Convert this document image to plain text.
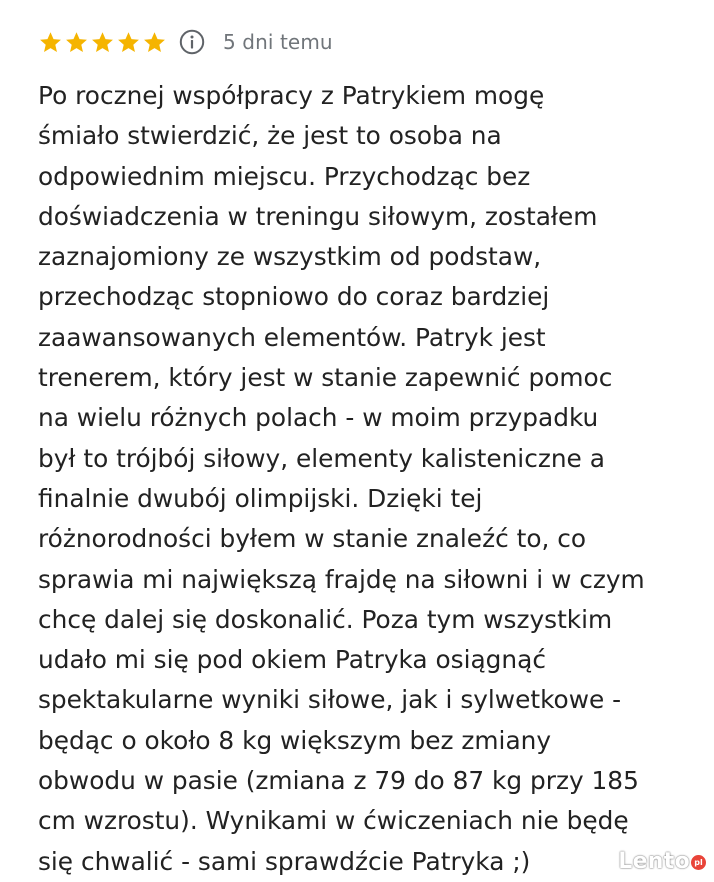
5 dni temu
Po rocznej współpracy z Patrykiem mogę
śmiało stwierdzić, że jest to osoba na
odpowiednim miejscu. Przychodząc bez
doświadczenia w treningu siłowym, zostałem
zaznajomiony ze wszystkim od podstaw,
przechodząc stopniowo do coraz bardziej
zaawansowanych elementów. Patryk jest
trenerem, który jest w stanie zapewnić pomoc
na wielu różnych polach - w moim przypadku
był to trójbój siłowy, elementy kalisteniczne a
finalnie dwubój olimpijski. Dzięki tej
różnorodności byłem w stanie znaleźć to, co
sprawia mi największą frajdę na siłowni i w czym
chcę dalej się doskonalić. Poza tym wszystkim
udało mi się pod okiem Patryka osiągnąć
spektakularne wyniki siłowe, jak i sylwetkowe -
będąc o około 8 kg większym bez zmiany
obwodu w pasie (zmiana z 79 do 87 kg przy 185
cm wzrostu). Wynikami w ćwiczeniach nie będę
się chwalić - sami sprawdźcie Patryka ;)	Lento pl
